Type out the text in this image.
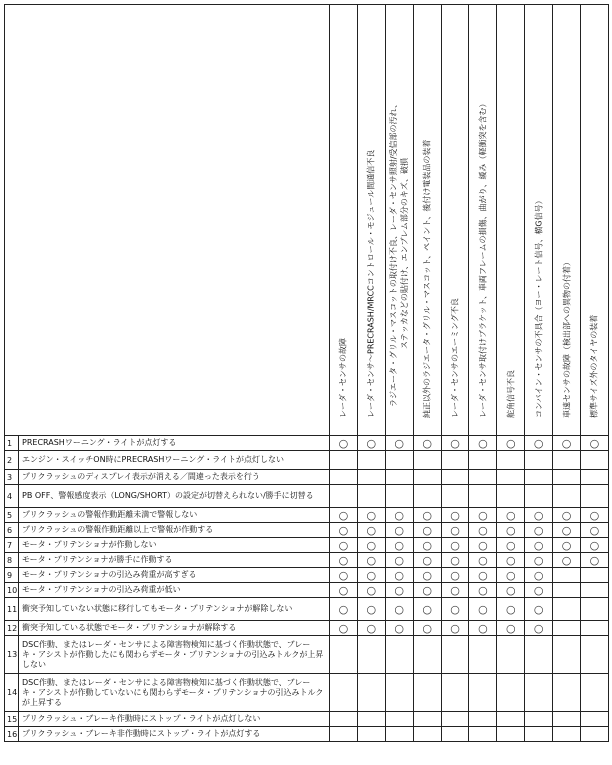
		レーダ・センサの故障	レーダ・センサ〜PRECRASH/MRCCコントロール・モジュール間通信不良	ラジエータ・グリル・マスコットの取付け不良、レーダ・センサ照射/受信部の汚れ、 ステッカなどの貼付け、エンブレム部分のキズ、破損	純正以外のラジエータ・グリル・マスコット、ペイント、後付け電装品の装着	レーダ・センサのエーミング不良	レーダ・センサ取付けブラケット、車両フレームの損傷、曲がり、緩み（軽衝突を含む）	舵角信号不良	コンバイン・センサの不具合（ヨー・レート信号、横G信号）	車速センサの故障（検出部への異物の付着）	標準サイズ外のタイヤの装着

1	PRECRASHワーニング・ライトが点灯する	○	○	○	○	○	○	○	○	○	○
2	エンジン・スイッチON時にPRECRASHワーニング・ライトが点灯しない										
3	プリクラッシュのディスプレイ表示が消える／間違った表示を行う										
4	PB OFF、警報感度表示（LONG/SHORT）の設定が切替えられない/勝手に切替る										
5	プリクラッシュの警報作動距離未満で警報しない	○	○	○	○	○	○	○	○	○	○
6	プリクラッシュの警報作動距離以上で警報が作動する	○	○	○	○	○	○	○	○	○	○
7	モータ・プリテンショナが作動しない	○	○	○	○	○	○	○	○	○	○
8	モータ・プリテンショナが勝手に作動する	○	○	○	○	○	○	○	○	○	○
9	モータ・プリテンショナの引込み荷重が高すぎる	○	○	○	○	○	○	○	○		
10	モータ・プリテンショナの引込み荷重が低い	○	○	○	○	○	○	○	○		
11	衝突予知していない状態に移行してもモータ・プリテンショナが解除しない	○	○	○	○	○	○	○	○		
12	衝突予知している状態でモータ・プリテンショナが解除する	○	○	○	○	○	○	○	○		
13	DSC作動、またはレーダ・センサによる障害物検知に基づく作動状態で、ブレーキ・アシストが作動したにも関わらずモータ・プリテンショナの引込みトルクが上昇しない										
14	DSC作動、またはレーダ・センサによる障害物検知に基づく作動状態で、ブレーキ・アシストが作動していないにも関わらずモータ・プリテンショナの引込みトルクが上昇する										
15	プリクラッシュ・ブレーキ作動時にストップ・ライトが点灯しない										
16	プリクラッシュ・ブレーキ非作動時にストップ・ライトが点灯する										
